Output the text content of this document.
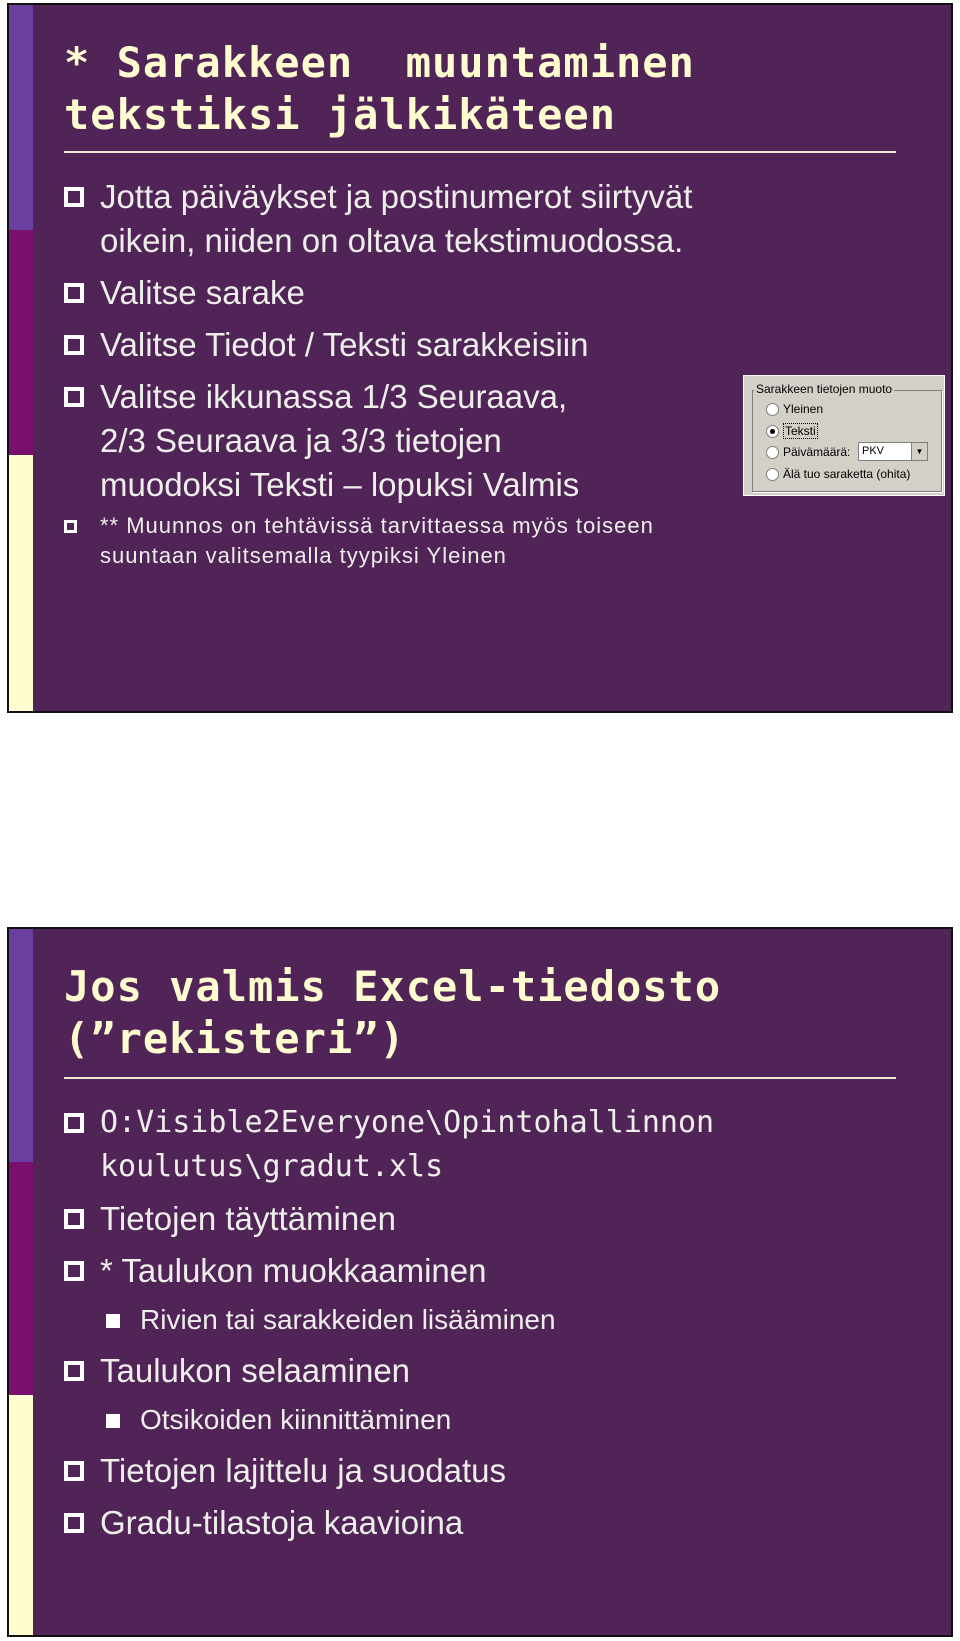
* Sarakkeen  muuntaminen
tekstiksi jälkikäteen
Jotta päiväykset ja postinumerot siirtyvät
oikein, niiden on oltava tekstimuodossa.
Valitse sarake
Valitse Tiedot / Teksti sarakkeisiin
Valitse ikkunassa 1/3 Seuraava,
2/3 Seuraava ja 3/3 tietojen
muodoksi Teksti – lopuksi Valmis
** Muunnos on tehtävissä tarvittaessa myös toiseen
suuntaan valitsemalla tyypiksi Yleinen
Sarakkeen tietojen muoto
Yleinen
Teksti
Päivämäärä:	PKV	▼
Älä tuo saraketta (ohita)
Jos valmis Excel-tiedosto
(”rekisteri”)
O:Visible2Everyone\Opintohallinnon
koulutus\gradut.xls
Tietojen täyttäminen
* Taulukon muokkaaminen
Rivien tai sarakkeiden lisääminen
Taulukon selaaminen
Otsikoiden kiinnittäminen
Tietojen lajittelu ja suodatus
Gradu-tilastoja kaavioina
